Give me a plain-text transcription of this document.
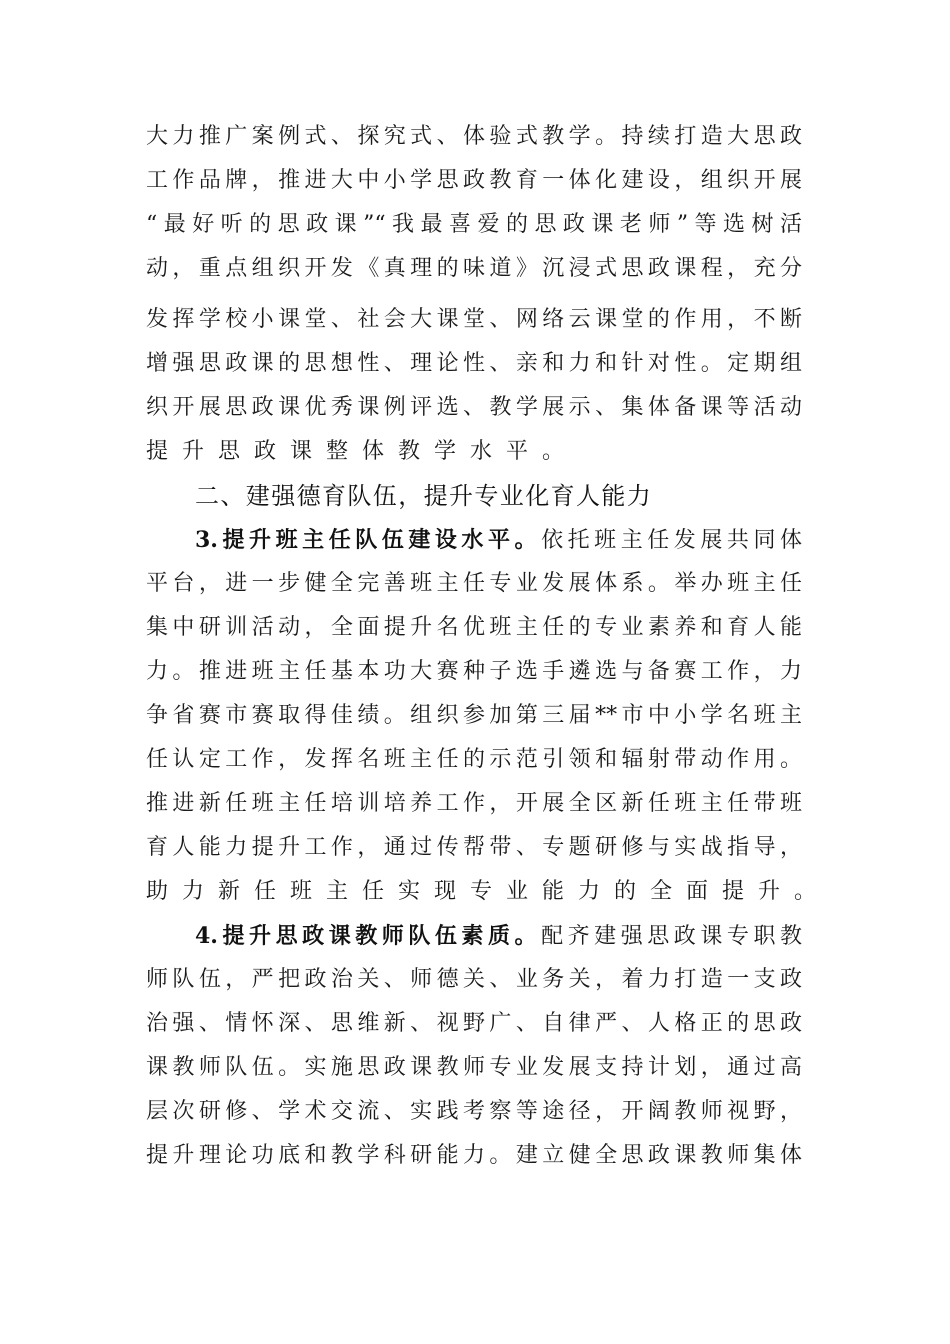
大力推广案例式、探究式、体验式教学。持续打造大思政
工作品牌，推进大中小学思政教育一体化建设，组织开展
“最好听的思政课”“我最喜爱的思政课老师”等选树活
动，重点组织开发《真理的味道》沉浸式思政课程，充分
发挥学校小课堂、社会大课堂、网络云课堂的作用，不断
增强思政课的思想性、理论性、亲和力和针对性。定期组
织开展思政课优秀课例评选、教学展示、集体备课等活动
提升思政课整体教学水平。
二、建强德育队伍，提升专业化育人能力
3.提升班主任队伍建设水平。依托班主任发展共同体
平台，进一步健全完善班主任专业发展体系。举办班主任
集中研训活动，全面提升名优班主任的专业素养和育人能
力。推进班主任基本功大赛种子选手遴选与备赛工作，力
争省赛市赛取得佳绩。组织参加第三届**市中小学名班主
任认定工作，发挥名班主任的示范引领和辐射带动作用。
推进新任班主任培训培养工作，开展全区新任班主任带班
育人能力提升工作，通过传帮带、专题研修与实战指导，
助力新任班主任实现专业能力的全面提升。
4.提升思政课教师队伍素质。配齐建强思政课专职教
师队伍，严把政治关、师德关、业务关，着力打造一支政
治强、情怀深、思维新、视野广、自律严、人格正的思政
课教师队伍。实施思政课教师专业发展支持计划，通过高
层次研修、学术交流、实践考察等途径，开阔教师视野，
提升理论功底和教学科研能力。建立健全思政课教师集体
